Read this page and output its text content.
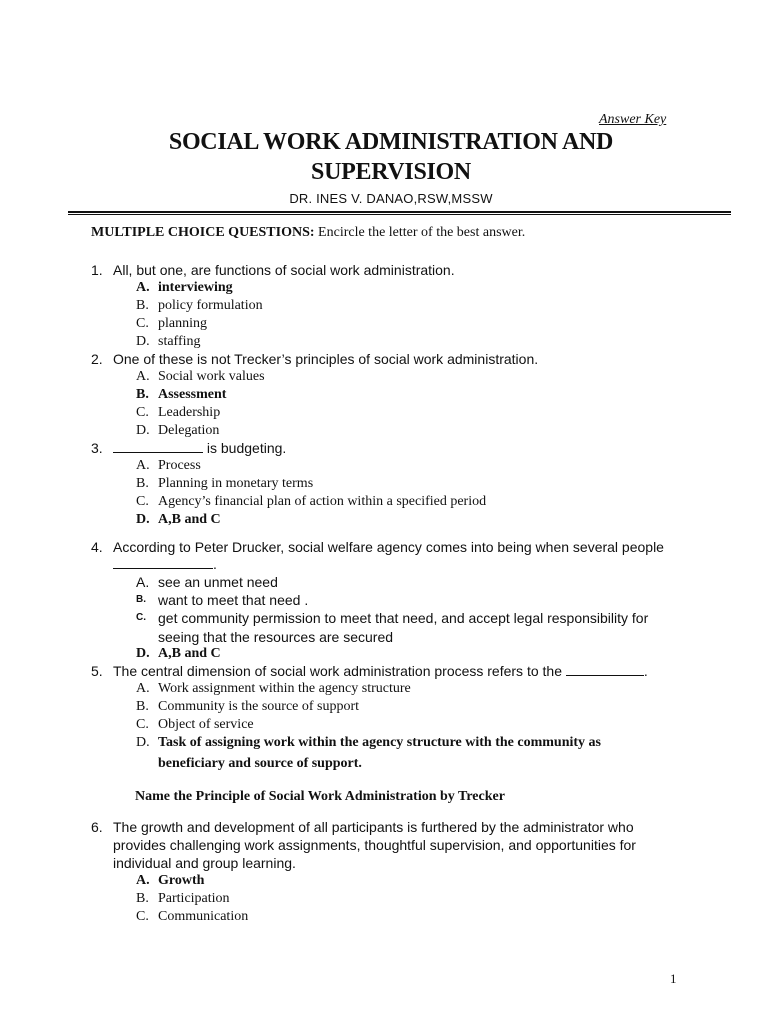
Answer Key
SOCIAL WORK ADMINISTRATION AND
SUPERVISION
DR. INES V. DANAO,RSW,MSSW
MULTIPLE CHOICE QUESTIONS: Encircle the letter of the best answer.
1. All, but one, are functions of social work administration.
A. interviewing
B. policy formulation
C. planning
D. staffing
2. One of these is not Trecker’s principles of social work administration.
A. Social work values
B. Assessment
C. Leadership
D. Delegation
3.	is budgeting.
A. Process
B. Planning in monetary terms
C. Agency’s financial plan of action within a specified period
D. A,B and C
4. According to Peter Drucker, social welfare agency comes into being when several people
.
A. see an unmet need
B. want to meet that need .
C. get community permission to meet that need, and accept legal responsibility for
seeing that the resources are secured
D. A,B and C
5. The central dimension of social work administration process refers to the	.
A. Work assignment within the agency structure
B. Community is the source of support
C. Object of service
D. Task of assigning work within the agency structure with the community as
beneficiary and source of support.
Name the Principle of Social Work Administration by Trecker
6. The growth and development of all participants is furthered by the administrator who
provides challenging work assignments, thoughtful supervision, and opportunities for
individual and group learning.
A. Growth
B. Participation
C. Communication
1
